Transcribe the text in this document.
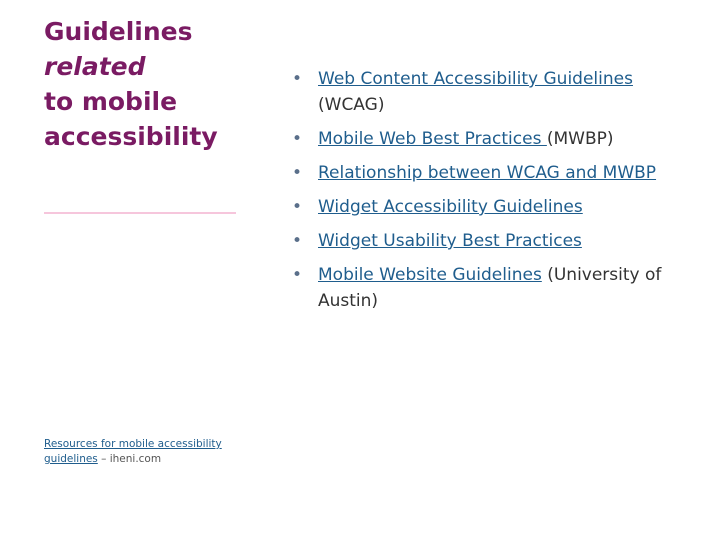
Guidelines
related
to mobile
accessibility
• Web Content Accessibility Guidelines (WCAG)
• Mobile Web Best Practices (MWBP)
• Relationship between WCAG and MWBP
• Widget Accessibility Guidelines
• Widget Usability Best Practices
• Mobile Website Guidelines (University of Austin)
Resources for mobile accessibility guidelines – iheni.com
